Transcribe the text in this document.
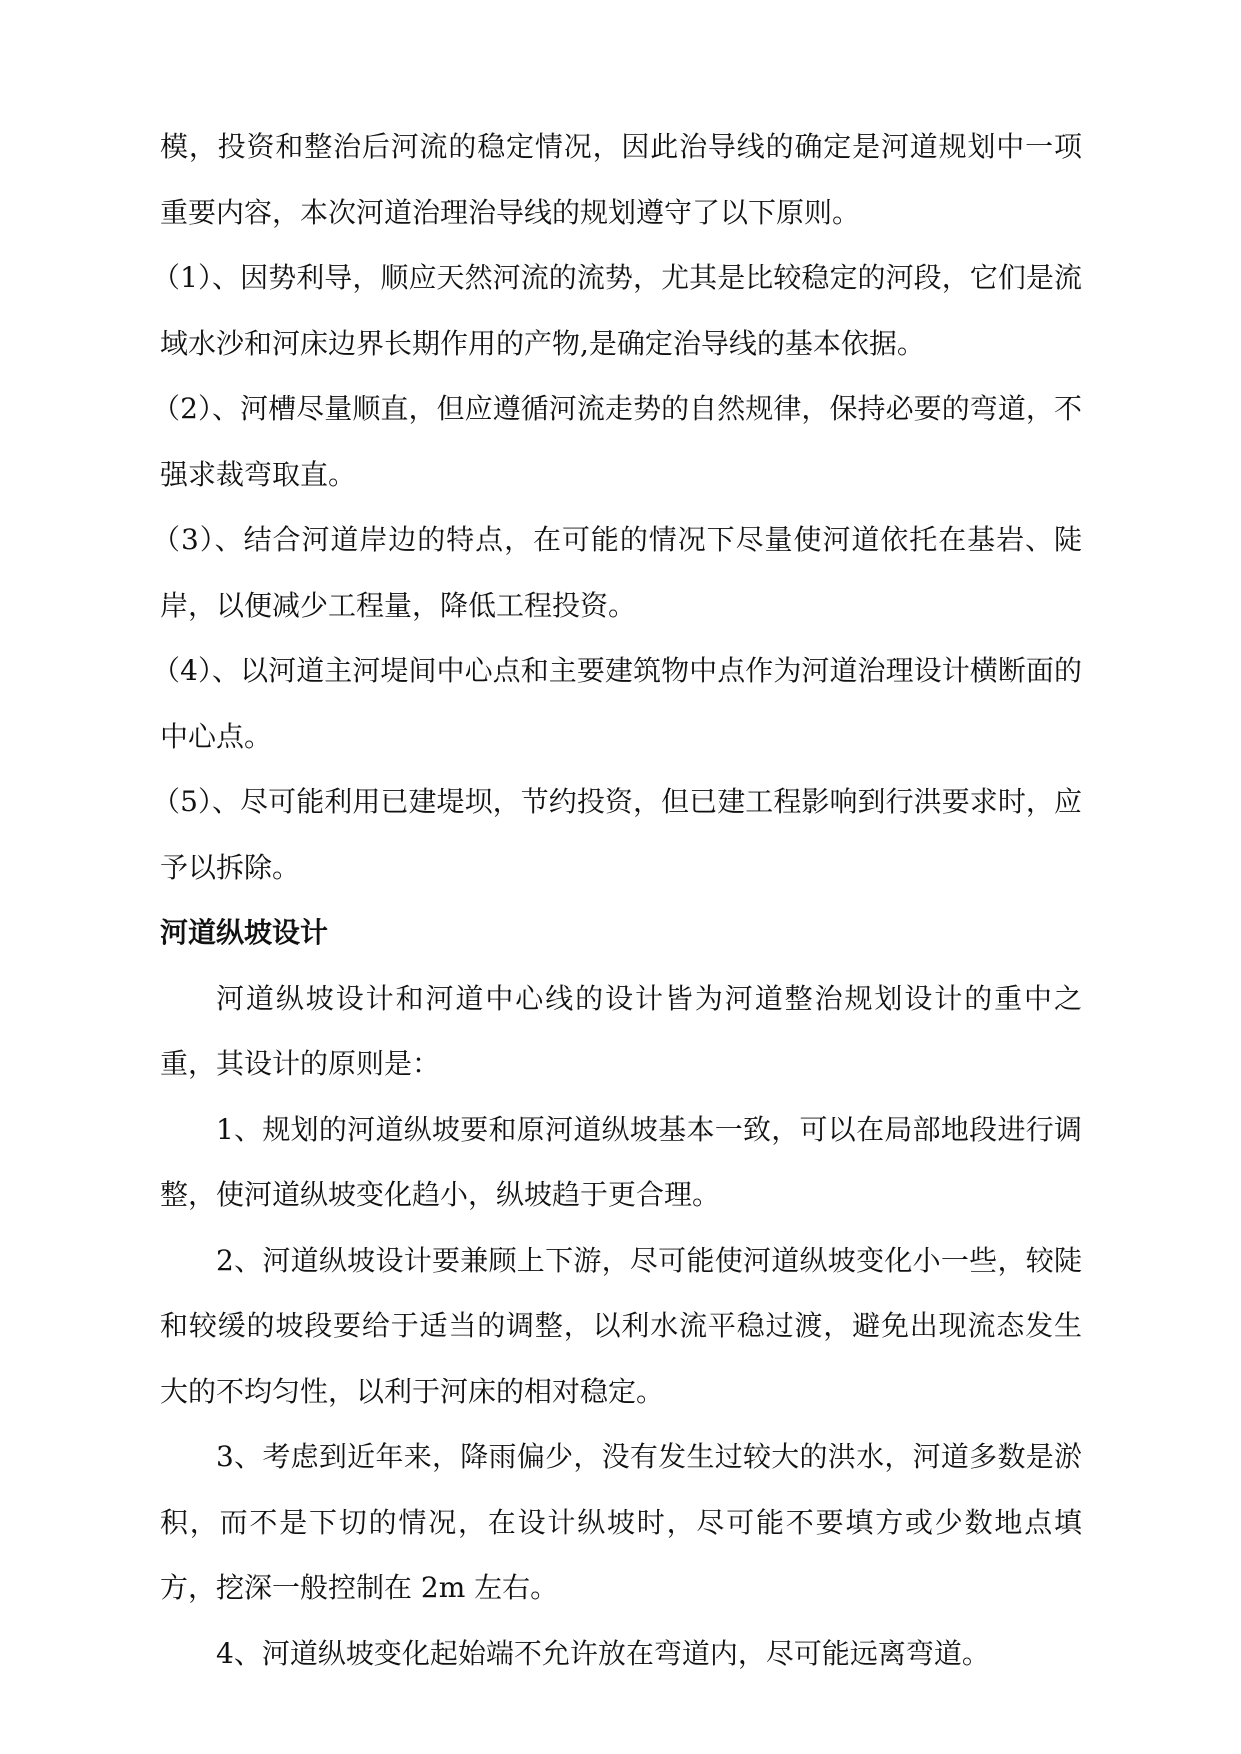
模，投资和整治后河流的稳定情况，因此治导线的确定是河道规划中一项重要内容，本次河道治理治导线的规划遵守了以下原则。

（1）、因势利导，顺应天然河流的流势，尤其是比较稳定的河段，它们是流域水沙和河床边界长期作用的产物,是确定治导线的基本依据。

（2）、河槽尽量顺直，但应遵循河流走势的自然规律，保持必要的弯道，不强求裁弯取直。

（3）、结合河道岸边的特点，在可能的情况下尽量使河道依托在基岩、陡岸，以便减少工程量，降低工程投资。

（4）、以河道主河堤间中心点和主要建筑物中点作为河道治理设计横断面的中心点。

（5）、尽可能利用已建堤坝，节约投资，但已建工程影响到行洪要求时，应予以拆除。

河道纵坡设计

河道纵坡设计和河道中心线的设计皆为河道整治规划设计的重中之重，其设计的原则是：

1、规划的河道纵坡要和原河道纵坡基本一致，可以在局部地段进行调整，使河道纵坡变化趋小，纵坡趋于更合理。

2、河道纵坡设计要兼顾上下游，尽可能使河道纵坡变化小一些，较陡和较缓的坡段要给于适当的调整，以利水流平稳过渡，避免出现流态发生大的不均匀性，以利于河床的相对稳定。

3、考虑到近年来，降雨偏少，没有发生过较大的洪水，河道多数是淤积，而不是下切的情况，在设计纵坡时，尽可能不要填方或少数地点填方，挖深一般控制在 2m 左右。

4、河道纵坡变化起始端不允许放在弯道内，尽可能远离弯道。
